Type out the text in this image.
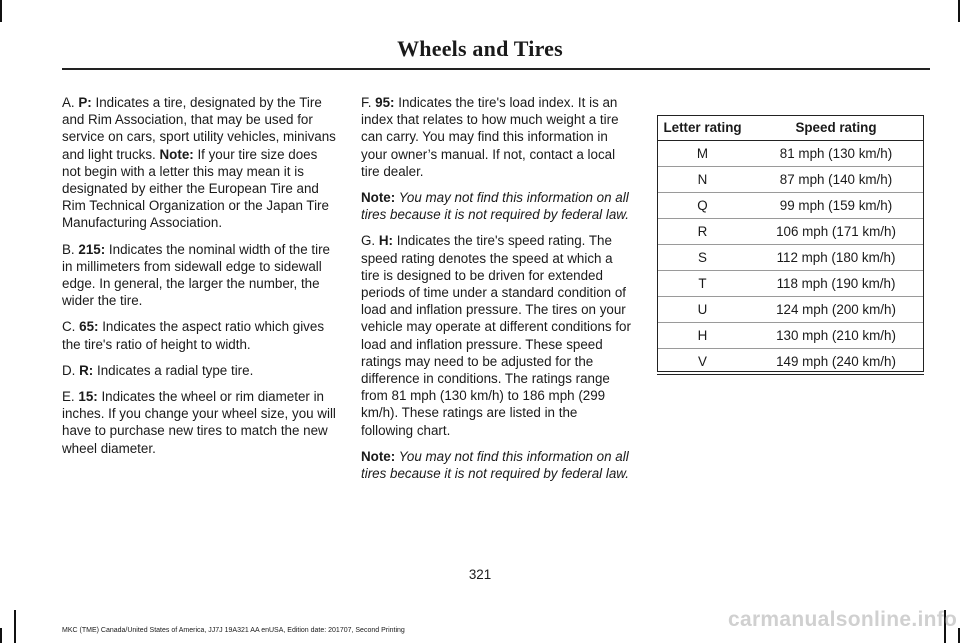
Wheels and Tires

A. P: Indicates a tire, designated by the Tire and Rim Association, that may be used for service on cars, sport utility vehicles, minivans and light trucks. Note: If your tire size does not begin with a letter this may mean it is designated by either the European Tire and Rim Technical Organization or the Japan Tire Manufacturing Association.

B. 215: Indicates the nominal width of the tire in millimeters from sidewall edge to sidewall edge. In general, the larger the number, the wider the tire.

C. 65: Indicates the aspect ratio which gives the tire's ratio of height to width.

D. R: Indicates a radial type tire.

E. 15: Indicates the wheel or rim diameter in inches. If you change your wheel size, you will have to purchase new tires to match the new wheel diameter.

F. 95: Indicates the tire's load index. It is an index that relates to how much weight a tire can carry. You may find this information in your owner’s manual. If not, contact a local tire dealer.

Note: You may not find this information on all tires because it is not required by federal law.

G. H: Indicates the tire's speed rating. The speed rating denotes the speed at which a tire is designed to be driven for extended periods of time under a standard condition of load and inflation pressure. The tires on your vehicle may operate at different conditions for load and inflation pressure. These speed ratings may need to be adjusted for the difference in conditions. The ratings range from 81 mph (130 km/h) to 186 mph (299 km/h). These ratings are listed in the following chart.

Note: You may not find this information on all tires because it is not required by federal law.

Letter rating	Speed rating
M	81 mph (130 km/h)
N	87 mph (140 km/h)
Q	99 mph (159 km/h)
R	106 mph (171 km/h)
S	112 mph (180 km/h)
T	118 mph (190 km/h)
U	124 mph (200 km/h)
H	130 mph (210 km/h)
V	149 mph (240 km/h)
321
MKC (TME) Canada/United States of America, JJ7J 19A321 AA enUSA, Edition date: 201707, Second Printing	carmanualsonline.info
